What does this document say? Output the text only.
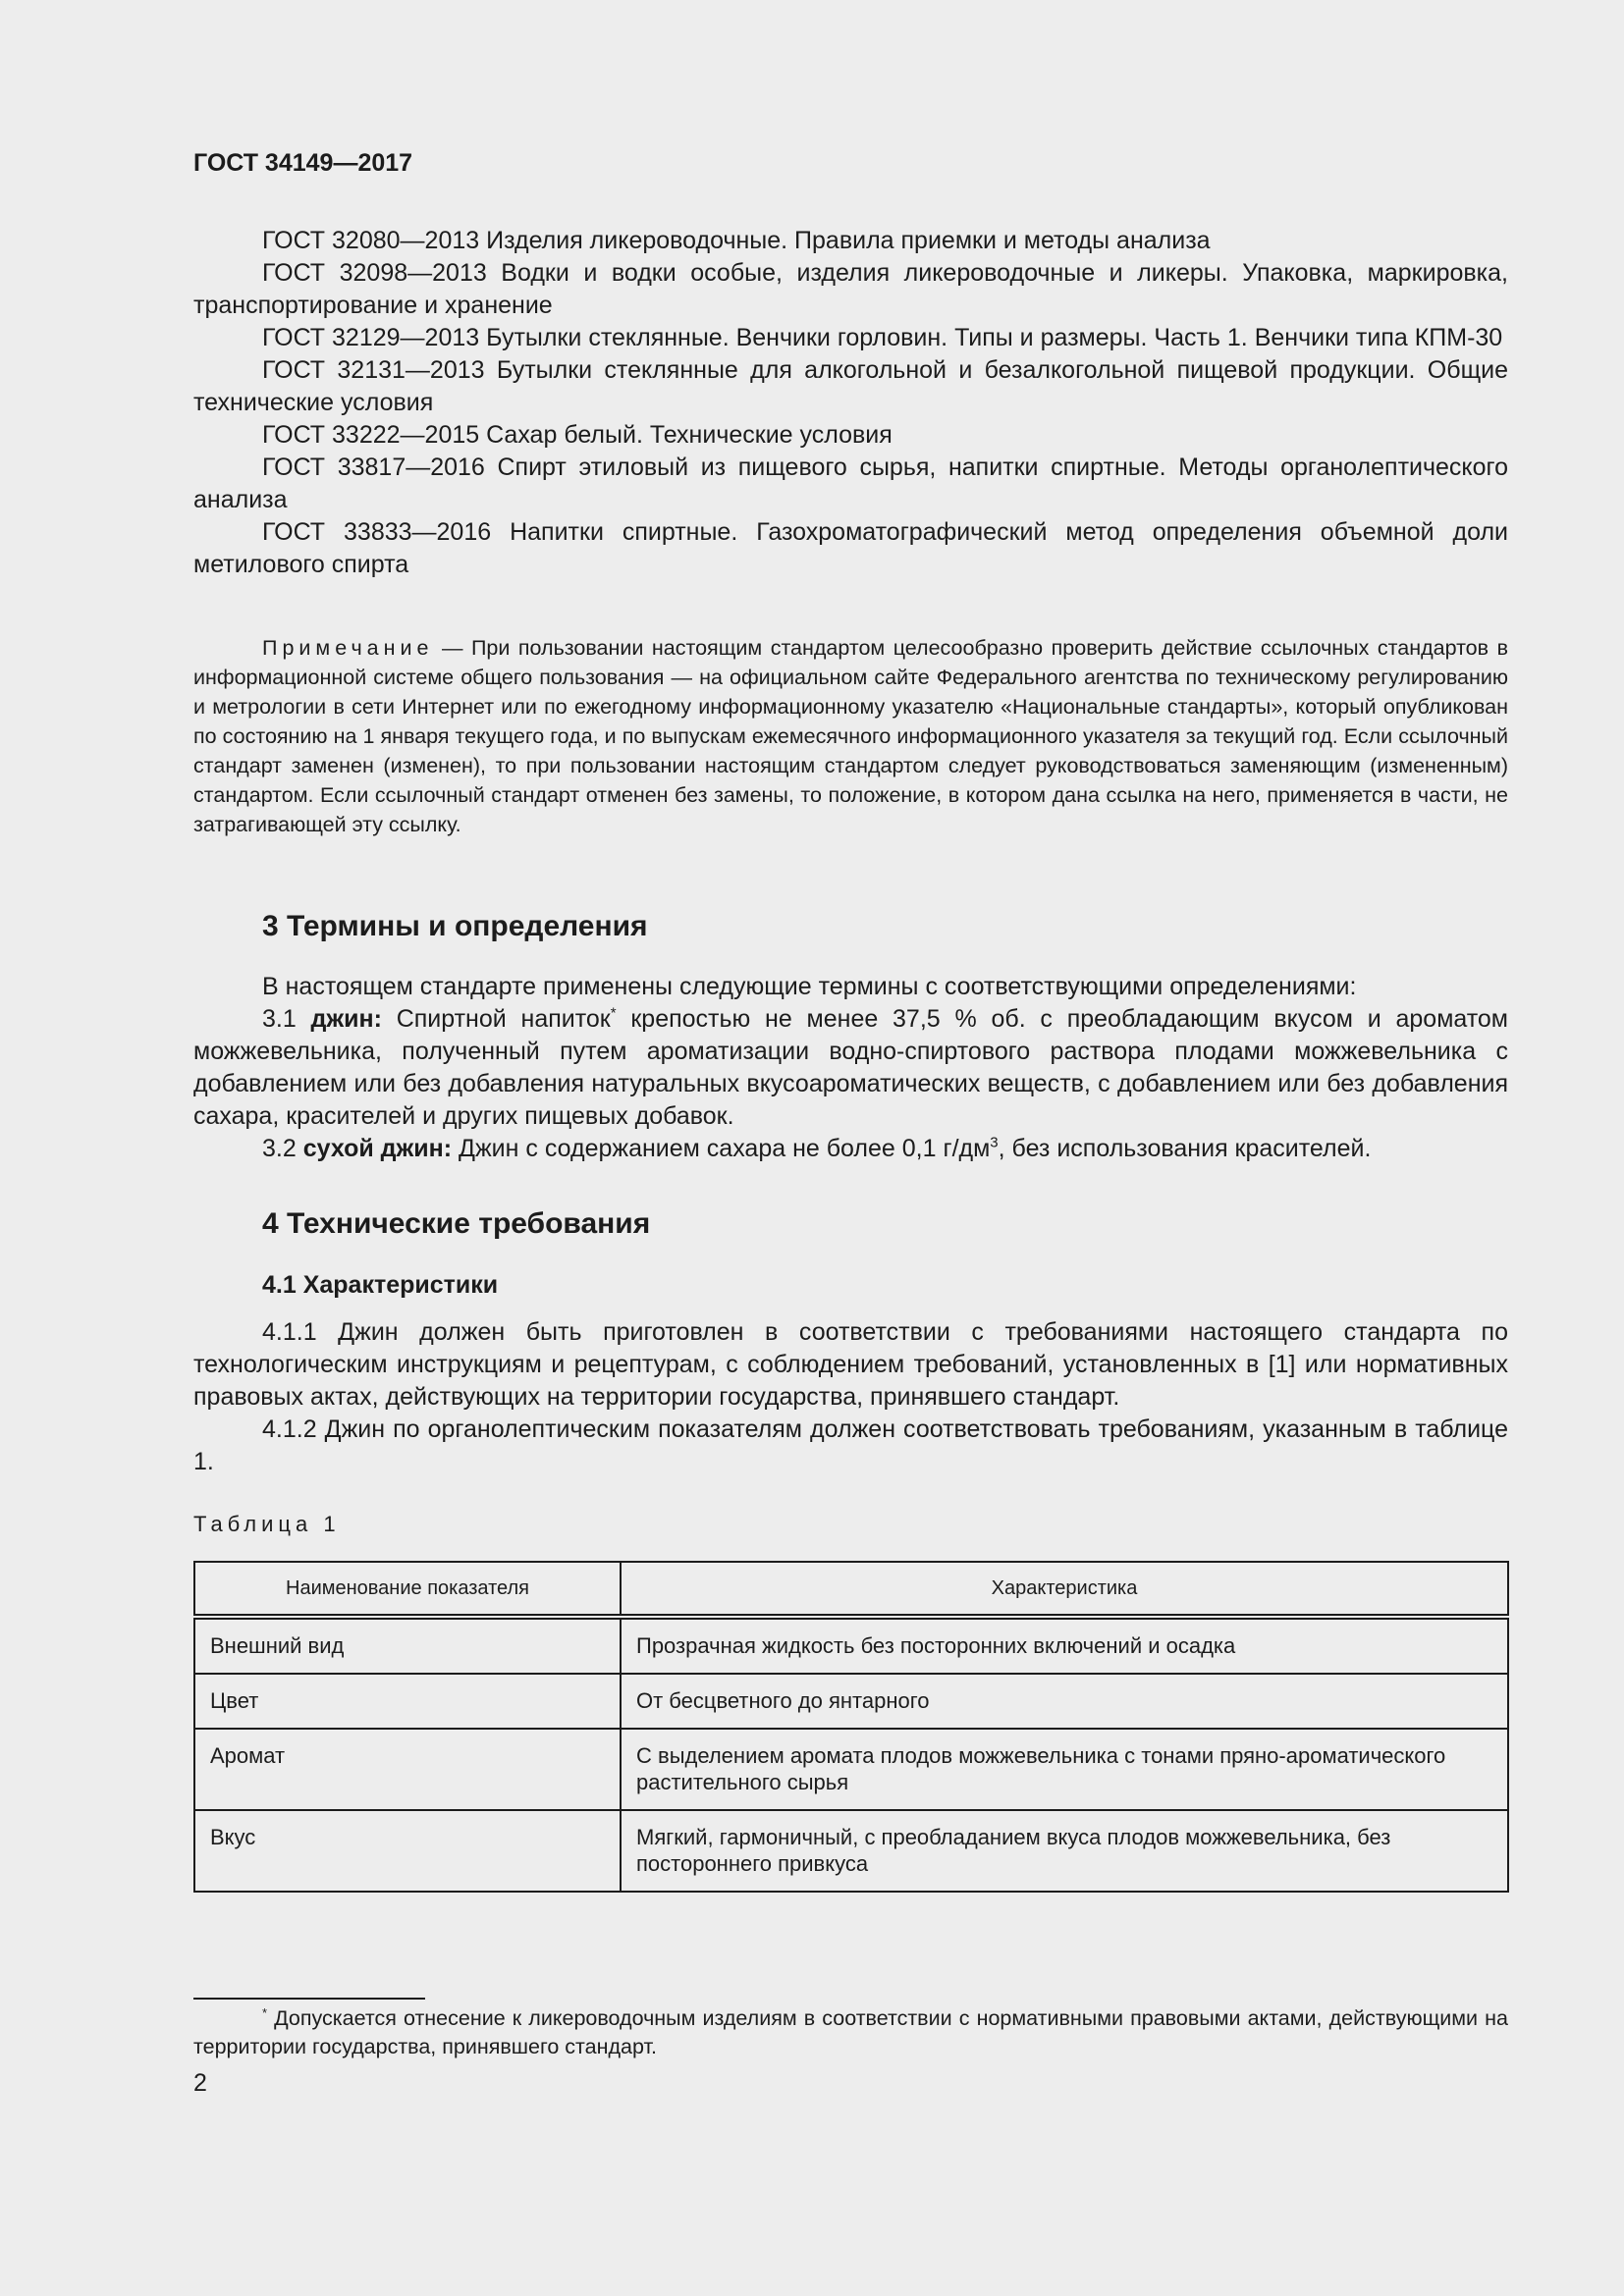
ГОСТ 34149—2017

ГОСТ 32080—2013 Изделия ликероводочные. Правила приемки и методы анализа

ГОСТ 32098—2013 Водки и водки особые, изделия ликероводочные и ликеры. Упаковка, маркировка, транспортирование и хранение

ГОСТ 32129—2013 Бутылки стеклянные. Венчики горловин. Типы и размеры. Часть 1. Венчики типа КПМ-30

ГОСТ 32131—2013 Бутылки стеклянные для алкогольной и безалкогольной пищевой продукции. Общие технические условия

ГОСТ 33222—2015 Сахар белый. Технические условия

ГОСТ 33817—2016 Спирт этиловый из пищевого сырья, напитки спиртные. Методы органолептического анализа

ГОСТ 33833—2016 Напитки спиртные. Газохроматографический метод определения объемной доли метилового спирта

Примечание — При пользовании настоящим стандартом целесообразно проверить действие ссылочных стандартов в информационной системе общего пользования — на официальном сайте Федерального агентства по техническому регулированию и метрологии в сети Интернет или по ежегодному информационному указателю «Национальные стандарты», который опубликован по состоянию на 1 января текущего года, и по выпускам ежемесячного информационного указателя за текущий год. Если ссылочный стандарт заменен (изменен), то при пользовании настоящим стандартом следует руководствоваться заменяющим (измененным) стандартом. Если ссылочный стандарт отменен без замены, то положение, в котором дана ссылка на него, применяется в части, не затрагивающей эту ссылку.

3 Термины и определения

В настоящем стандарте применены следующие термины с соответствующими определениями:

3.1 джин: Спиртной напиток* крепостью не менее 37,5 % об. с преобладающим вкусом и ароматом можжевельника, полученный путем ароматизации водно-спиртового раствора плодами можжевельника с добавлением или без добавления натуральных вкусоароматических веществ, с добавлением или без добавления сахара, красителей и других пищевых добавок.

3.2 сухой джин: Джин с содержанием сахара не более 0,1 $г/дм^3$, без использования красителей.

4 Технические требования
4.1 Характеристики

4.1.1 Джин должен быть приготовлен в соответствии с требованиями настоящего стандарта по технологическим инструкциям и рецептурам, с соблюдением требований, установленных в [1] или нормативных правовых актах, действующих на территории государства, принявшего стандарт.

4.1.2 Джин по органолептическим показателям должен соответствовать требованиям, указанным в таблице 1.

Таблица 1
Наименование показателя	Характеристика
Внешний вид	Прозрачная жидкость без посторонних включений и осадка
Цвет	От бесцветного до янтарного
Аромат	С выделением аромата плодов можжевельника с тонами пряно-ароматического растительного сырья
Вкус	Мягкий, гармоничный, с преобладанием вкуса плодов можжевельника, без постороннего привкуса

* Допускается отнесение к ликероводочным изделиям в соответствии с нормативными правовыми актами, действующими на территории государства, принявшего стандарт.

2
